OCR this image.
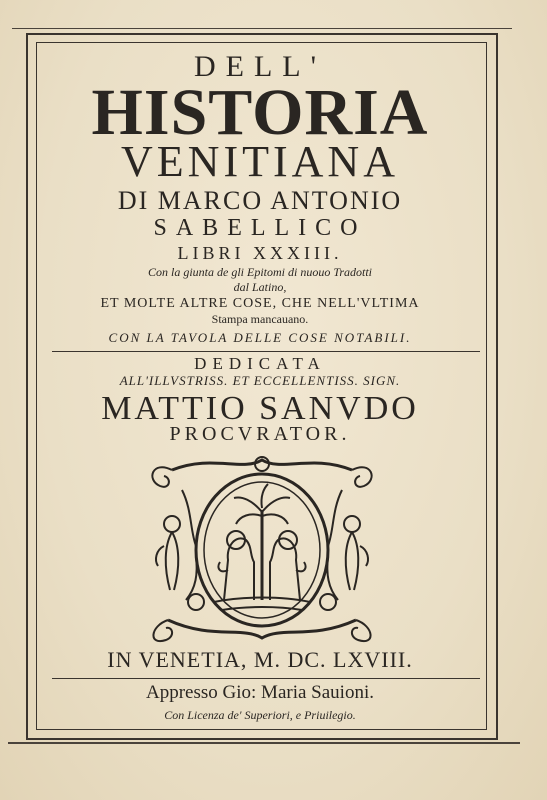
DELL'
HISTORIA
VENITIANA
DI MARCO ANTONIO
SABELLICO
LIBRI XXXIII.
Con la giunta de gli Epitomi di nuouo Tradotti
dal Latino,
ET MOLTE ALTRE COSE, CHE NELL'VLTIMA
Stampa mancauano.
CON LA TAVOLA DELLE COSE NOTABILI.
DEDICATA
ALL'ILLVSTRISS. ET ECCELLENTISS. SIGN.
MATTIO SANVDO
PROCVRATOR.
IN VENETIA, M. DC. LXVIII.
Appresso Gio: Maria Sauioni.
Con Licenza de' Superiori, e Priuilegio.
